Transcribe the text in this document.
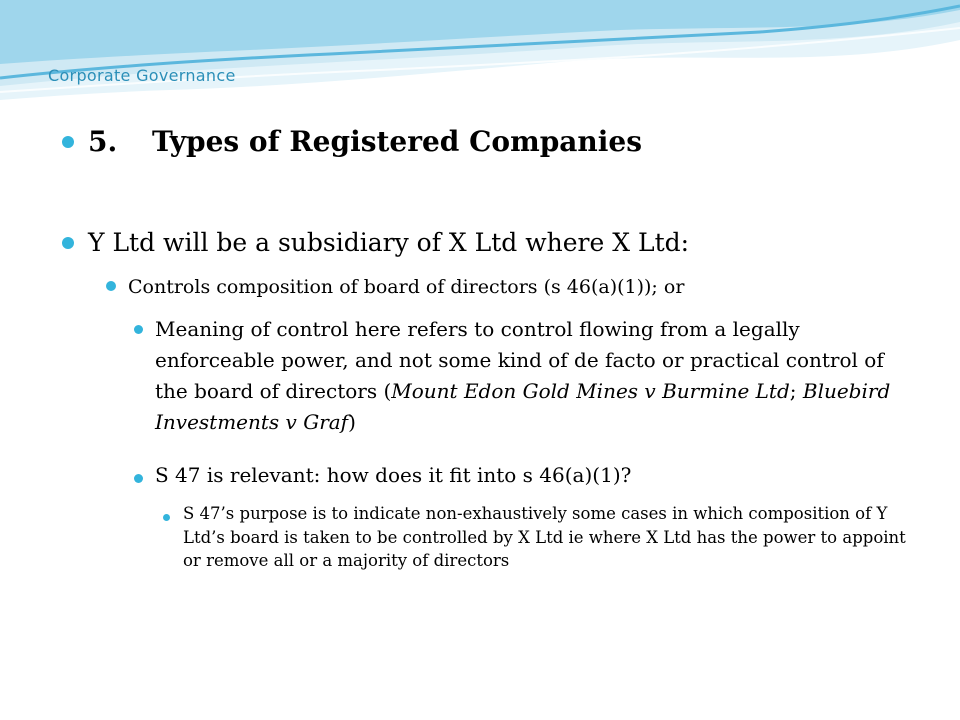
Corporate Governance
5. Types of Registered Companies
Y Ltd will be a subsidiary of X Ltd where X Ltd:
Controls composition of board of directors (s 46(a)(1)); or
Meaning of control here refers to control flowing from a legally enforceable power, and not some kind of de facto or practical control of the board of directors (Mount Edon Gold Mines v Burmine Ltd; Bluebird Investments v Graf)
S 47 is relevant: how does it fit into s 46(a)(1)?
S 47’s purpose is to indicate non-exhaustively some cases in which composition of Y Ltd’s board is taken to be controlled by X Ltd ie where X Ltd has the power to appoint or remove all or a majority of directors
